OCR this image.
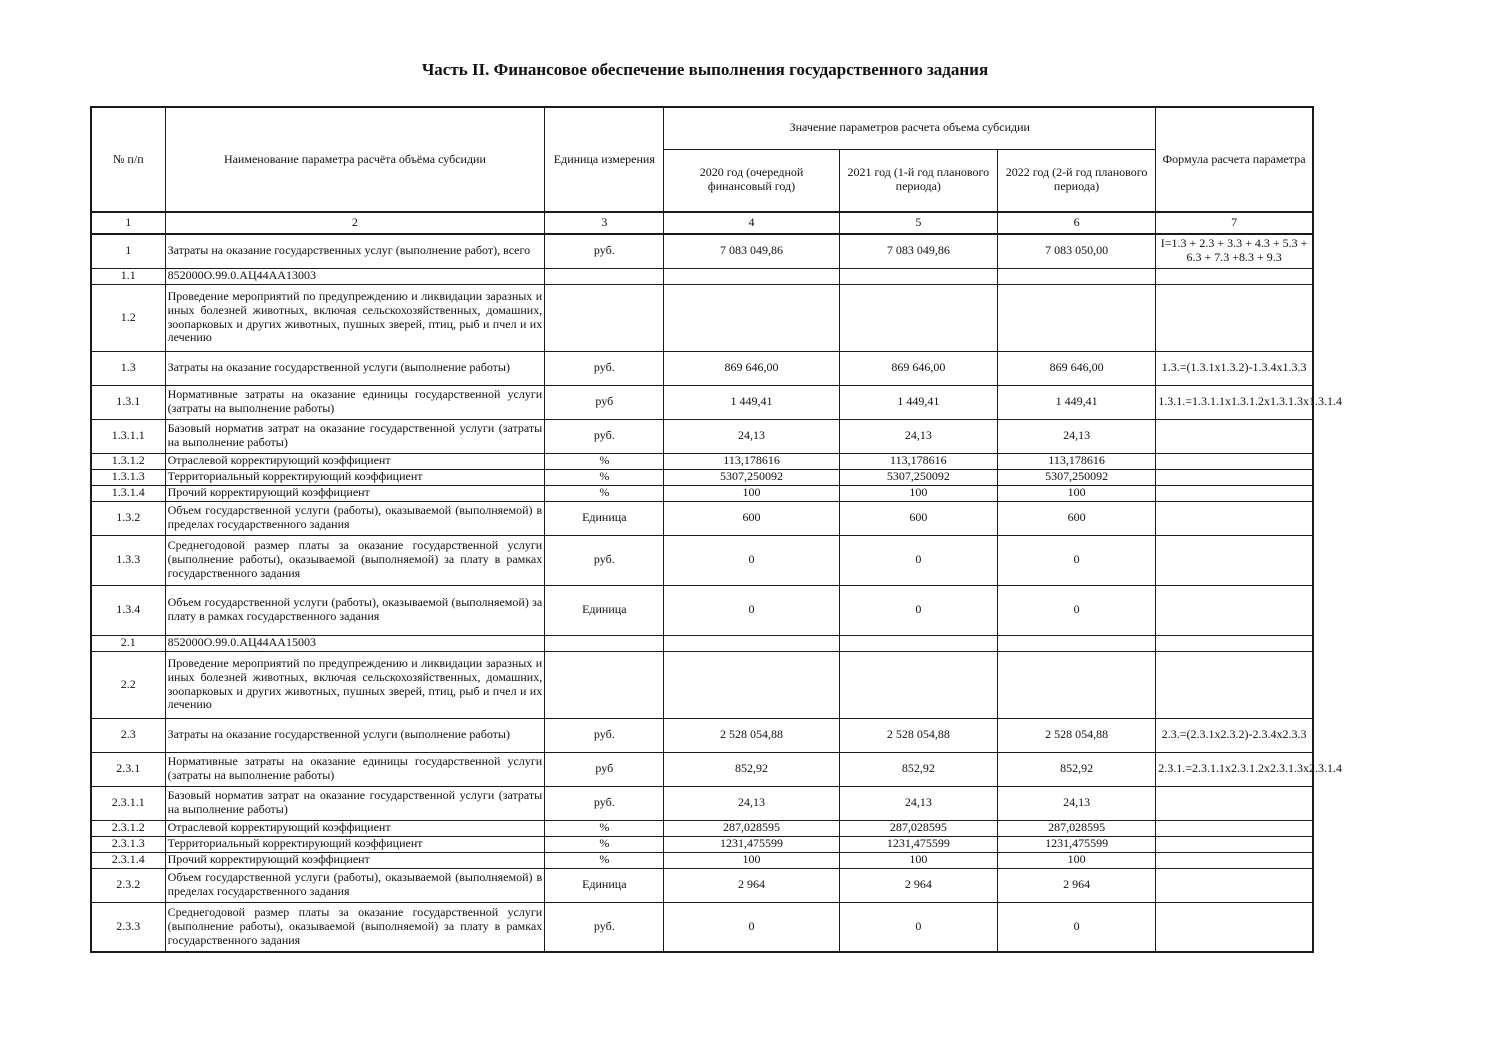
Часть II. Финансовое обеспечение выполнения государственного задания
№ п/п	Наименование параметра расчёта объёма субсидии	Единица измерения	Значение параметров расчета объема субсидии			Формула расчета параметра
			2020 год (очередной финансовый год)	2021 год (1-й год планового периода)	2022 год (2-й год планового периода)	
1	2	3	4	5	6	7
1	Затраты на оказание государственных услуг (выполнение работ), всего	руб.	7 083 049,86	7 083 049,86	7 083 050,00	I=1.3 + 2.3 + 3.3 + 4.3 + 5.3 + 6.3 + 7.3 +8.3 + 9.3
1.1	852000О.99.0.АЦ44АА13003					
1.2	Проведение мероприятий по предупреждению и ликвидации заразных и иных болезней животных, включая сельскохозяйственных, домашних, зоопарковых и других животных, пушных зверей, птиц, рыб и пчел и их лечению					
1.3	Затраты на оказание государственной услуги (выполнение работы)	руб.	869 646,00	869 646,00	869 646,00	1.3.=(1.3.1х1.3.2)-1.3.4х1.3.3
1.3.1	Нормативные затраты на оказание единицы государственной услуги (затраты на выполнение работы)	руб	1 449,41	1 449,41	1 449,41	1.3.1.=1.3.1.1х1.3.1.2х1.3.1.3х1.3.1.4
1.3.1.1	Базовый норматив затрат на оказание государственной услуги (затраты на выполнение работы)	руб.	24,13	24,13	24,13	
1.3.1.2	Отраслевой корректирующий коэффициент	%	113,178616	113,178616	113,178616	
1.3.1.3	Территориальный корректирующий коэффициент	%	5307,250092	5307,250092	5307,250092	
1.3.1.4	Прочий корректирующий коэффициент	%	100	100	100	
1.3.2	Объем государственной услуги (работы), оказываемой (выполняемой) в пределах государственного задания	Единица	600	600	600	
1.3.3	Среднегодовой размер платы за оказание государственной услуги (выполнение работы), оказываемой (выполняемой) за плату в рамках государственного задания	руб.	0	0	0	
1.3.4	Объем государственной услуги (работы), оказываемой (выполняемой) за плату в рамках государственного задания	Единица	0	0	0	
2.1	852000О.99.0.АЦ44АА15003					
2.2	Проведение мероприятий по предупреждению и ликвидации заразных и иных болезней животных, включая сельскохозяйственных, домашних, зоопарковых и других животных, пушных зверей, птиц, рыб и пчел и их лечению					
2.3	Затраты на оказание государственной услуги (выполнение работы)	руб.	2 528 054,88	2 528 054,88	2 528 054,88	2.3.=(2.3.1х2.3.2)-2.3.4х2.3.3
2.3.1	Нормативные затраты на оказание единицы государственной услуги (затраты на выполнение работы)	руб	852,92	852,92	852,92	2.3.1.=2.3.1.1х2.3.1.2х2.3.1.3х2.3.1.4
2.3.1.1	Базовый норматив затрат на оказание государственной услуги (затраты на выполнение работы)	руб.	24,13	24,13	24,13	
2.3.1.2	Отраслевой корректирующий коэффициент	%	287,028595	287,028595	287,028595	
2.3.1.3	Территориальный корректирующий коэффициент	%	1231,475599	1231,475599	1231,475599	
2.3.1.4	Прочий корректирующий коэффициент	%	100	100	100	
2.3.2	Объем государственной услуги (работы), оказываемой (выполняемой) в пределах государственного задания	Единица	2 964	2 964	2 964	
2.3.3	Среднегодовой размер платы за оказание государственной услуги (выполнение работы), оказываемой (выполняемой) за плату в рамках государственного задания	руб.	0	0	0	
